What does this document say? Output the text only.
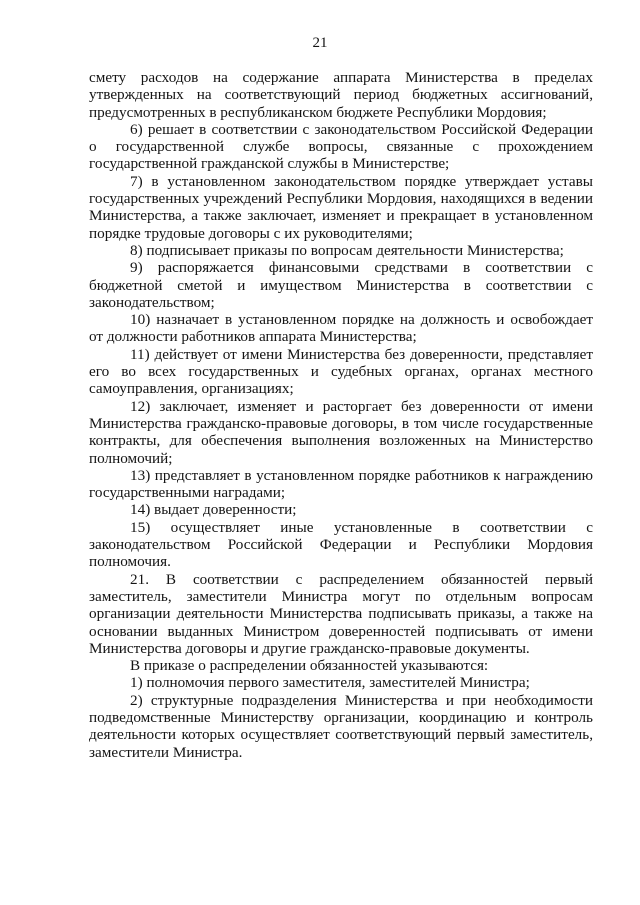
21

смету расходов на содержание аппарата Министерства в пределах утвержденных на соответствующий период бюджетных ассигнований, предусмотренных в республиканском бюджете Республики Мордовия;

6) решает в соответствии с законодательством Российской Федерации о государственной службе вопросы, связанные с прохождением государственной гражданской службы в Министерстве;

7) в установленном законодательством порядке утверждает уставы государственных учреждений Республики Мордовия, находящихся в ведении Министерства, а также заключает, изменяет и прекращает в установленном порядке трудовые договоры с их руководителями;

8) подписывает приказы по вопросам деятельности Министерства;

9) распоряжается финансовыми средствами в соответствии с бюджетной сметой и имуществом Министерства в соответствии с законодательством;

10) назначает в установленном порядке на должность и освобождает от должности работников аппарата Министерства;

11) действует от имени Министерства без доверенности, представляет его во всех государственных и судебных органах, органах местного самоуправления, организациях;

12) заключает, изменяет и расторгает без доверенности от имени Министерства гражданско-правовые договоры, в том числе государственные контракты, для обеспечения выполнения возложенных на Министерство полномочий;

13) представляет в установленном порядке работников к награждению государственными наградами;

14) выдает доверенности;

15) осуществляет иные установленные в соответствии с законодательством Российской Федерации и Республики Мордовия полномочия.

21. В соответствии с распределением обязанностей первый заместитель, заместители Министра могут по отдельным вопросам организации деятельности Министерства подписывать приказы, а также на основании выданных Министром доверенностей подписывать от имени Министерства договоры и другие гражданско-правовые документы.

В приказе о распределении обязанностей указываются:

1) полномочия первого заместителя, заместителей Министра;

2) структурные подразделения Министерства и при необходимости подведомственные Министерству организации, координацию и контроль деятельности которых осуществляет соответствующий первый заместитель, заместители Министра.
